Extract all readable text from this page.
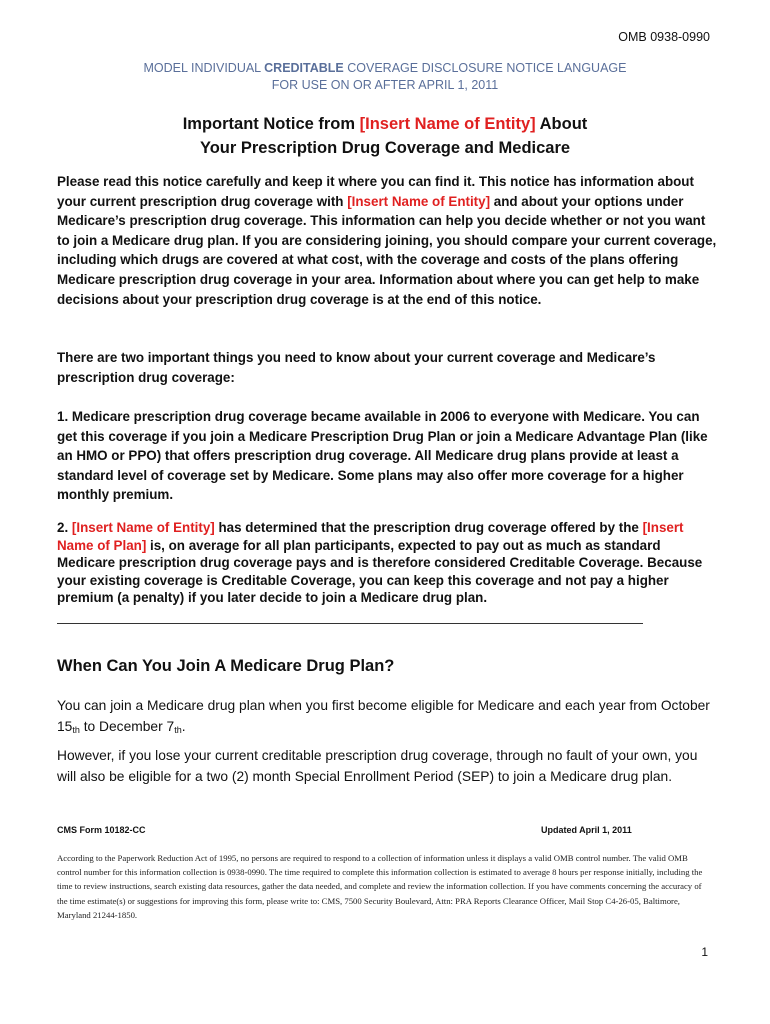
OMB 0938-0990
MODEL INDIVIDUAL CREDITABLE COVERAGE DISCLOSURE NOTICE LANGUAGE
FOR USE ON OR AFTER APRIL 1, 2011
Important Notice from [Insert Name of Entity] About
Your Prescription Drug Coverage and Medicare
Please read this notice carefully and keep it where you can find it. This notice has information about your current prescription drug coverage with [Insert Name of Entity] and about your options under Medicare’s prescription drug coverage. This information can help you decide whether or not you want to join a Medicare drug plan. If you are considering joining, you should compare your current coverage, including which drugs are covered at what cost, with the coverage and costs of the plans offering Medicare prescription drug coverage in your area. Information about where you can get help to make decisions about your prescription drug coverage is at the end of this notice.
There are two important things you need to know about your current coverage and Medicare’s prescription drug coverage:
1. Medicare prescription drug coverage became available in 2006 to everyone with Medicare. You can get this coverage if you join a Medicare Prescription Drug Plan or join a Medicare Advantage Plan (like an HMO or PPO) that offers prescription drug coverage. All Medicare drug plans provide at least a standard level of coverage set by Medicare. Some plans may also offer more coverage for a higher monthly premium.
2. [Insert Name of Entity] has determined that the prescription drug coverage offered by the [Insert Name of Plan] is, on average for all plan participants, expected to pay out as much as standard Medicare prescription drug coverage pays and is therefore considered Creditable Coverage. Because your existing coverage is Creditable Coverage, you can keep this coverage and not pay a higher premium (a penalty) if you later decide to join a Medicare drug plan.
When Can You Join A Medicare Drug Plan?
You can join a Medicare drug plan when you first become eligible for Medicare and each year from October $15_{th}$ to December $7_{th}$.
However, if you lose your current creditable prescription drug coverage, through no fault of your own, you will also be eligible for a two (2) month Special Enrollment Period (SEP) to join a Medicare drug plan.
CMS Form 10182-CC	Updated April 1, 2011
According to the Paperwork Reduction Act of 1995, no persons are required to respond to a collection of information unless it displays a valid OMB control number. The valid OMB control number for this information collection is 0938-0990. The time required to complete this information collection is estimated to average 8 hours per response initially, including the time to review instructions, search existing data resources, gather the data needed, and complete and review the information collection. If you have comments concerning the accuracy of the time estimate(s) or suggestions for improving this form, please write to: CMS, 7500 Security Boulevard, Attn: PRA Reports Clearance Officer, Mail Stop C4-26-05, Baltimore, Maryland 21244-1850.
1
